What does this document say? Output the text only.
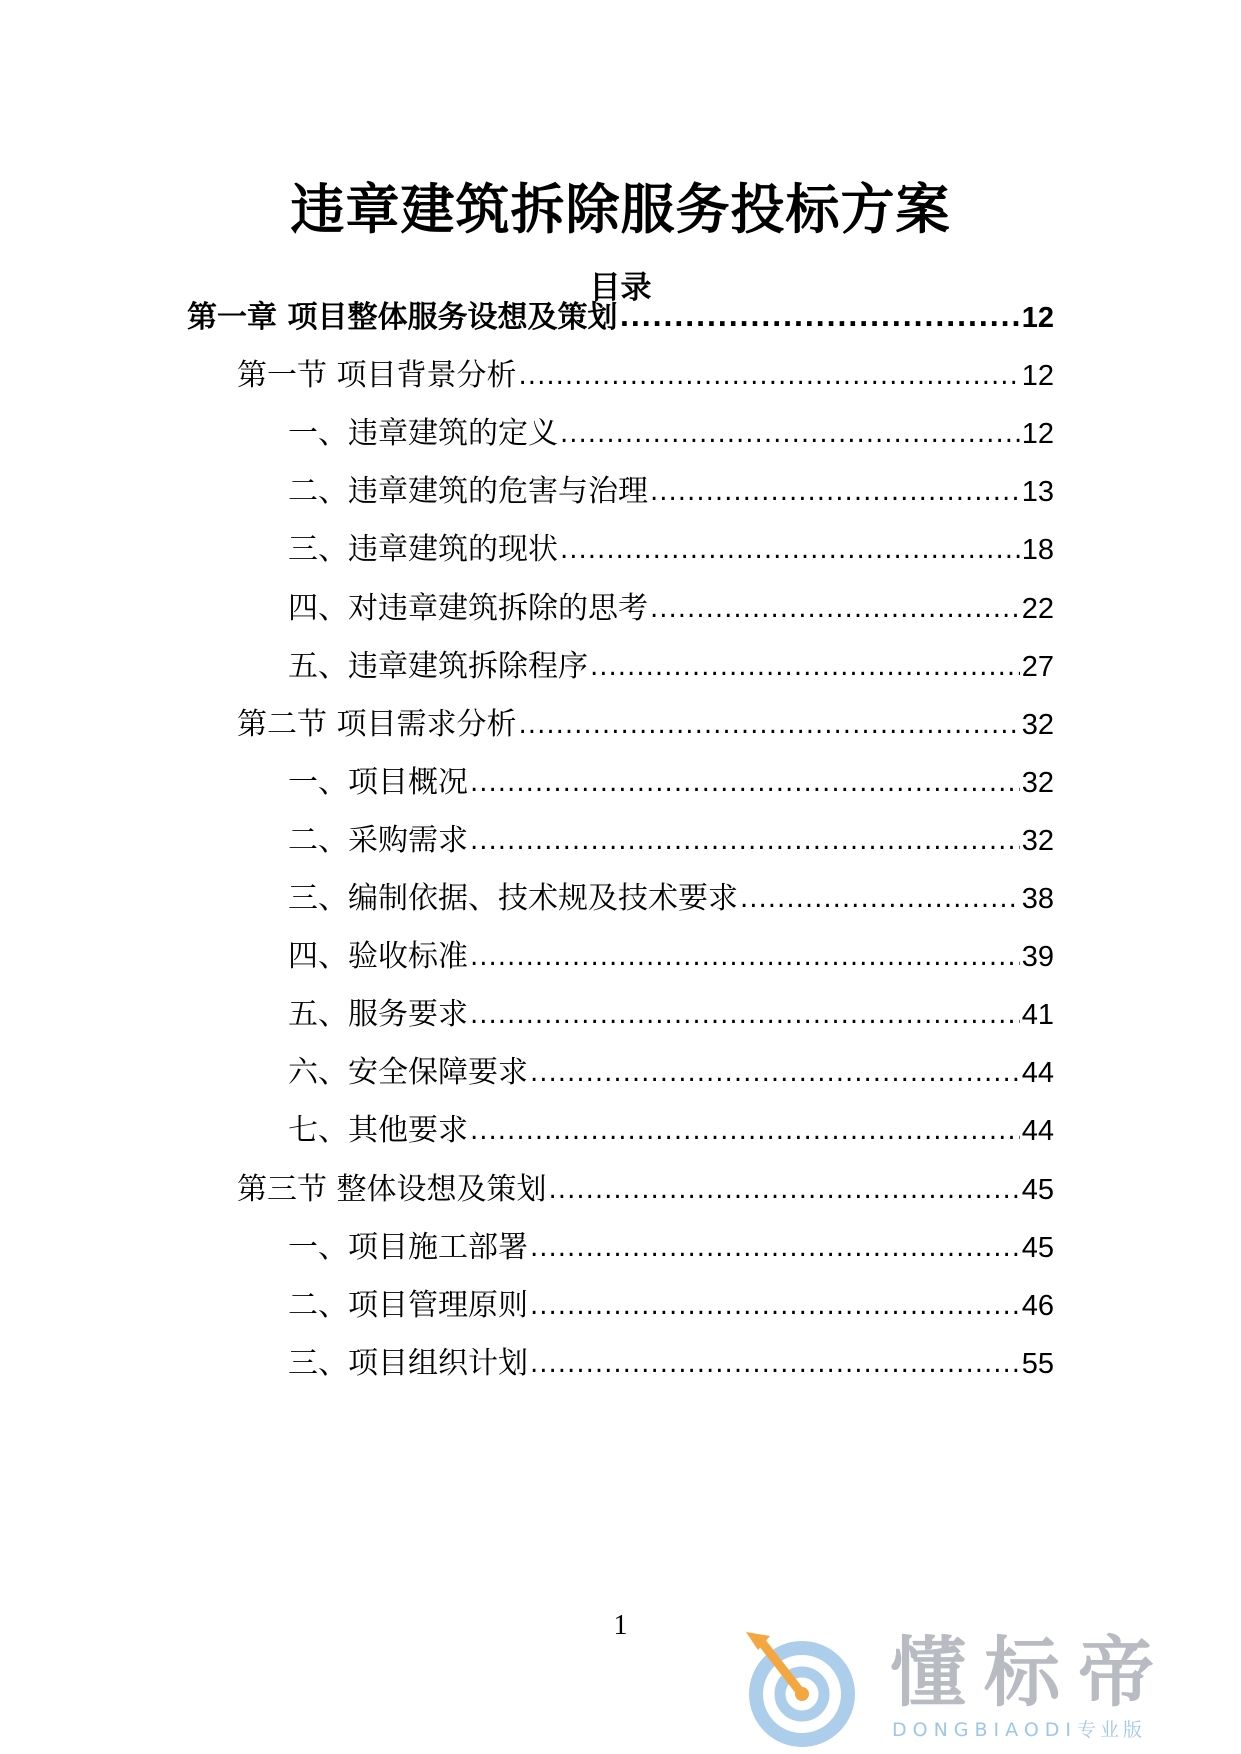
违章建筑拆除服务投标方案
目录
第一章 项目整体服务设想及策划 .....	12
第一节 项目背景分析 .....	12
一、违章建筑的定义 .....	12
二、违章建筑的危害与治理 .....	13
三、违章建筑的现状 .....	18
四、对违章建筑拆除的思考 .....	22
五、违章建筑拆除程序 .....	27
第二节 项目需求分析 .....	32
一、项目概况 .....	32
二、采购需求 .....	32
三、编制依据、技术规及技术要求 .....	38
四、验收标准 .....	39
五、服务要求 .....	41
六、安全保障要求 .....	44
七、其他要求 .....	44
第三节 整体设想及策划 .....	45
一、项目施工部署 .....	45
二、项目管理原则 .....	46
三、项目组织计划 .....	55
1
懂标帝
DONGBIAODI专业版
